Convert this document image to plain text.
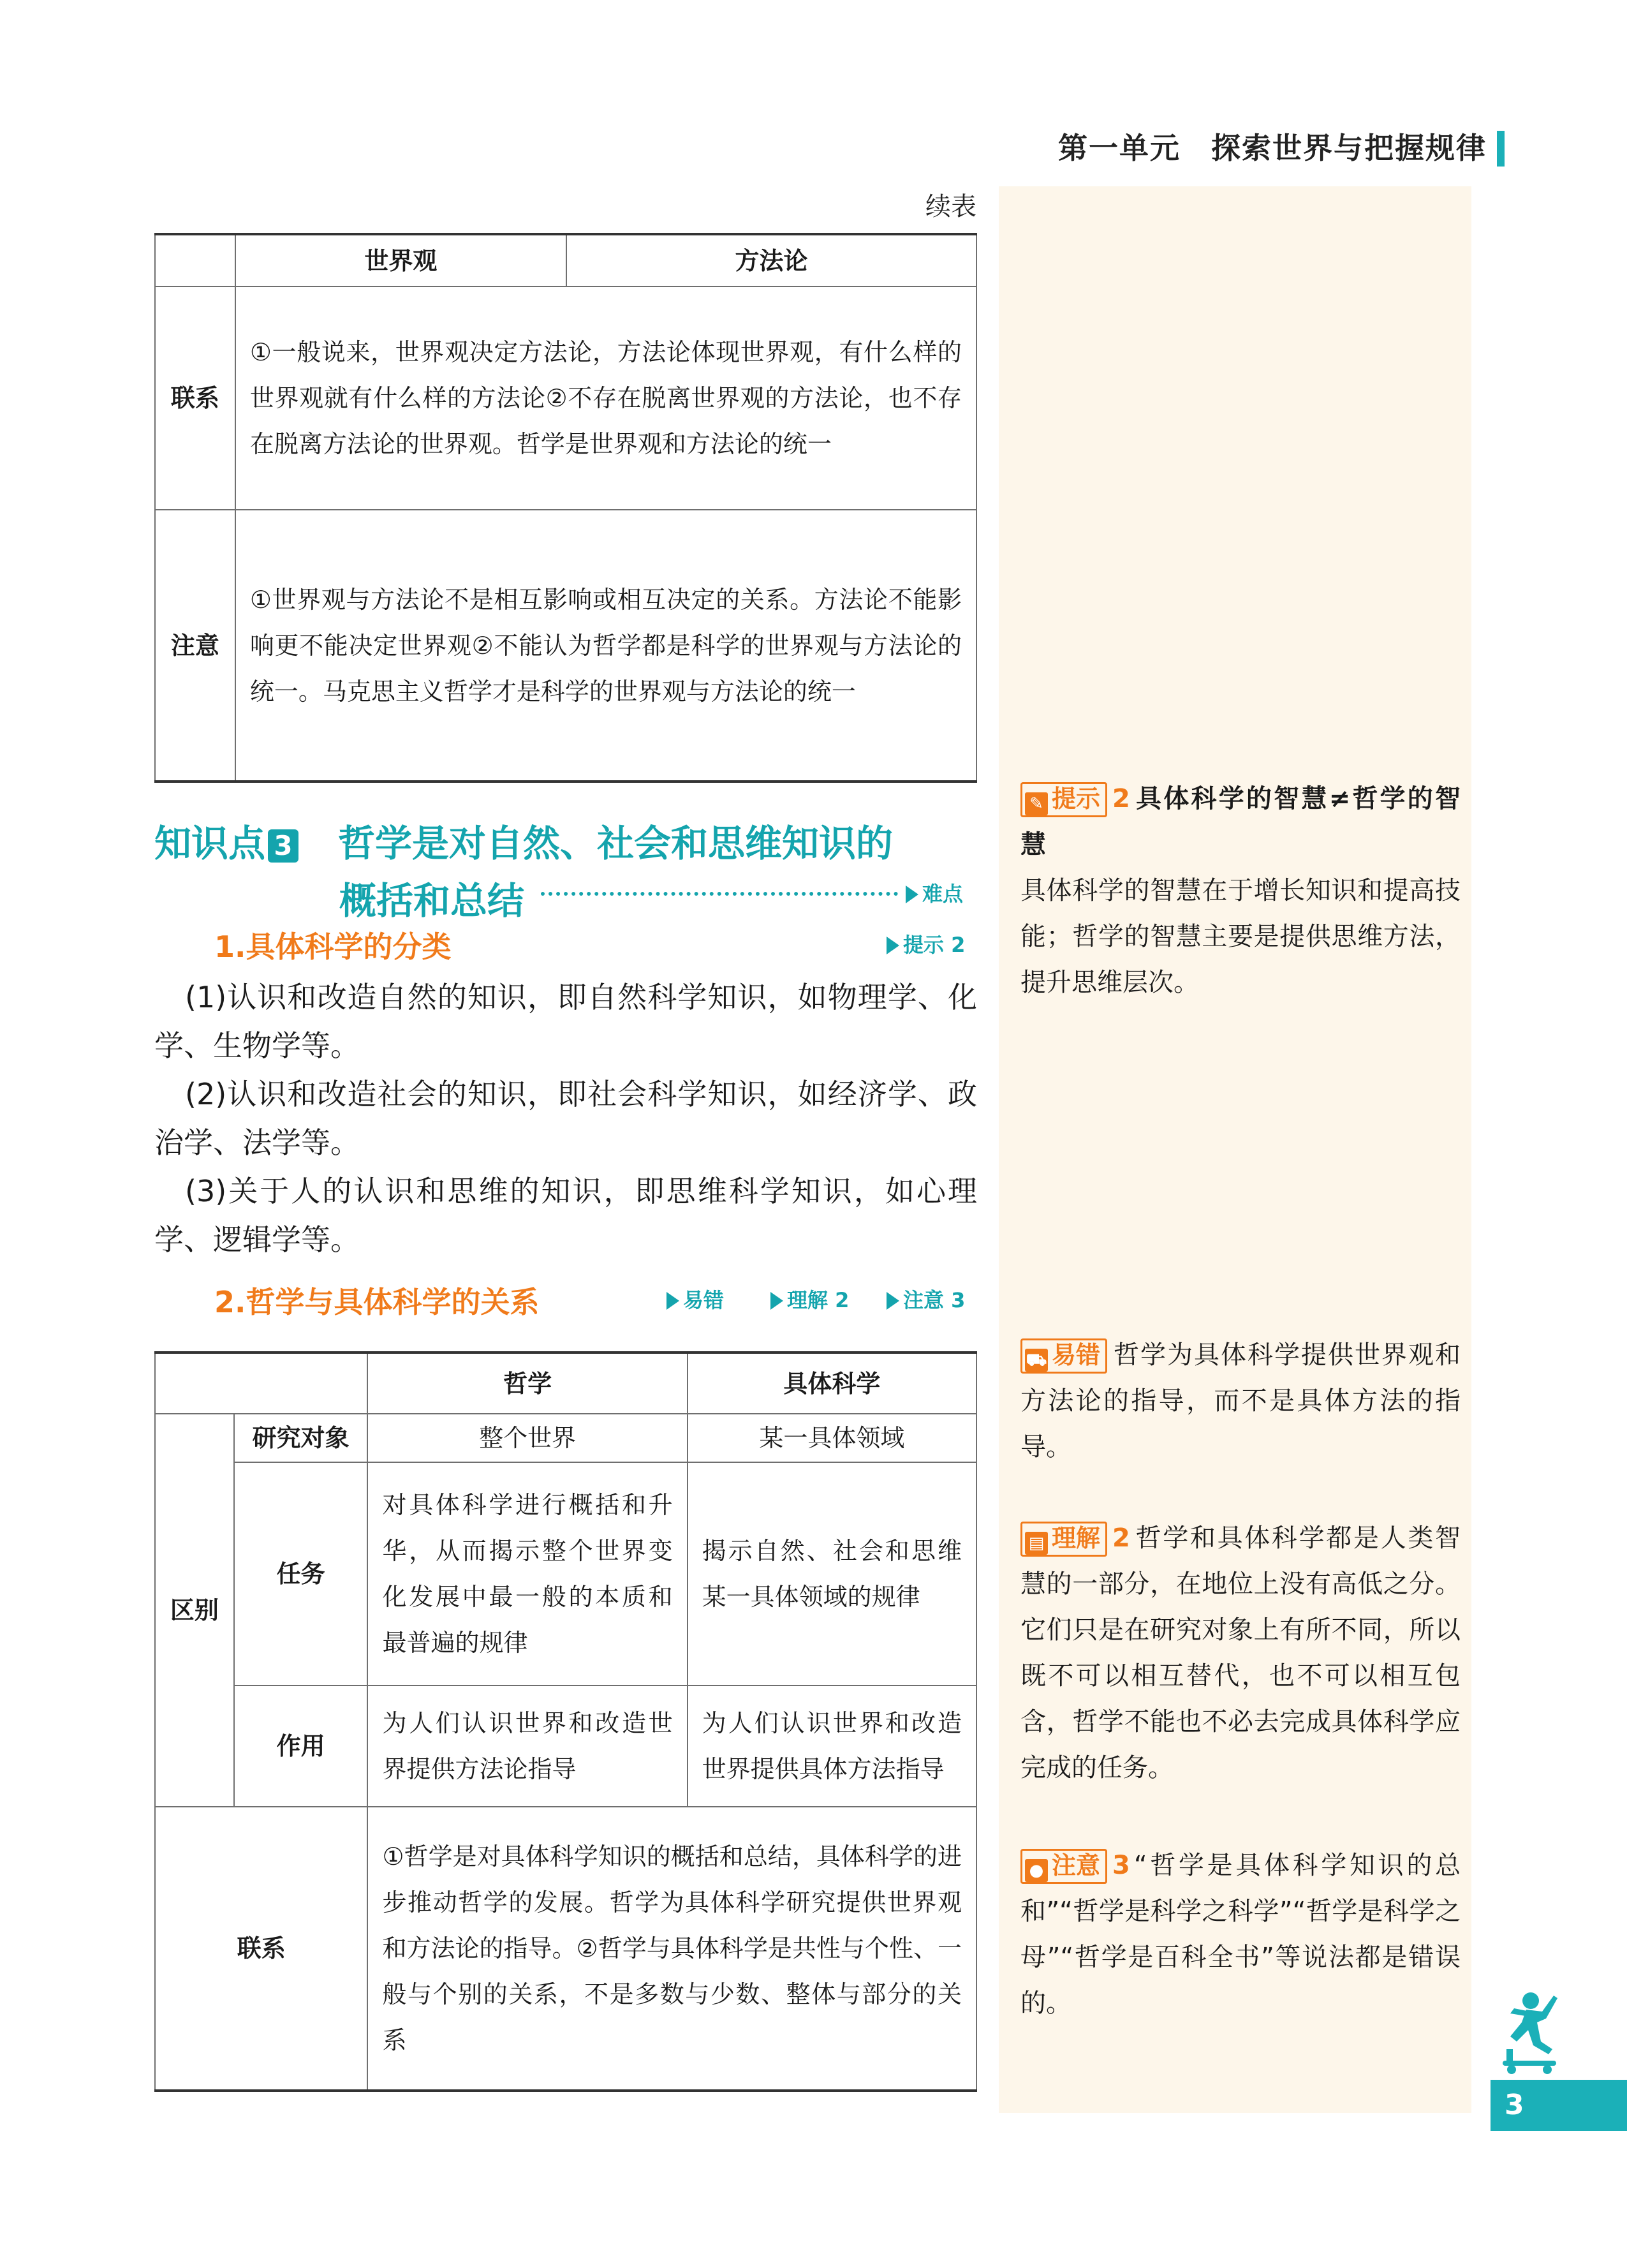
第一单元　探索世界与把握规律
续表
	世界观	方法论
联系	①一般说来，世界观决定方法论，方法论体现世界观，有什么样的世界观就有什么样的方法论②不存在脱离世界观的方法论，也不存在脱离方法论的世界观。哲学是世界观和方法论的统一	
注意	①世界观与方法论不是相互影响或相互决定的关系。方法论不能影响更不能决定世界观②不能认为哲学都是科学的世界观与方法论的统一。马克思主义哲学才是科学的世界观与方法论的统一	
知识点 3 哲学是对自然、社会和思维知识的
概括和总结	难点
1.具体科学的分类	提示 2

(1)认识和改造自然的知识，即自然科学知识，如物理学、化学、生物学等。

(2)认识和改造社会的知识，即社会科学知识，如经济学、政治学、法学等。

(3)关于人的认识和思维的知识，即思维科学知识，如心理学、逻辑学等。

2.哲学与具体科学的关系	易错	理解 2	注意 3
		哲学	具体科学
区别	研究对象	整个世界	某一具体领域
	任务	对具体科学进行概括和升华，从而揭示整个世界变化发展中最一般的本质和最普遍的规律	揭示自然、社会和思维某一具体领域的规律
	作用	为人们认识世界和改造世界提供方法论指导	为人们认识世界和改造世界提供具体方法指导
联系		①哲学是对具体科学知识的概括和总结，具体科学的进步推动哲学的发展。哲学为具体科学研究提供世界观和方法论的指导。②哲学与具体科学是共性与个性、一般与个别的关系，不是多数与少数、整体与部分的关系	
✎ 提示 2 具体科学的智慧≠哲学的智慧
具体科学的智慧在于增长知识和提高技能；哲学的智慧主要是提供思维方法，提升思维层次。
⛟ 易错 哲学为具体科学提供世界观和方法论的指导，而不是具体方法的指导。
▤ 理解 2 哲学和具体科学都是人类智慧的一部分，在地位上没有高低之分。它们只是在研究对象上有所不同，所以既不可以相互替代，也不可以相互包含，哲学不能也不必去完成具体科学应完成的任务。
● 注意 3 “哲学是具体科学知识的总和”“哲学是科学之科学”“哲学是科学之母”“哲学是百科全书”等说法都是错误的。
3
